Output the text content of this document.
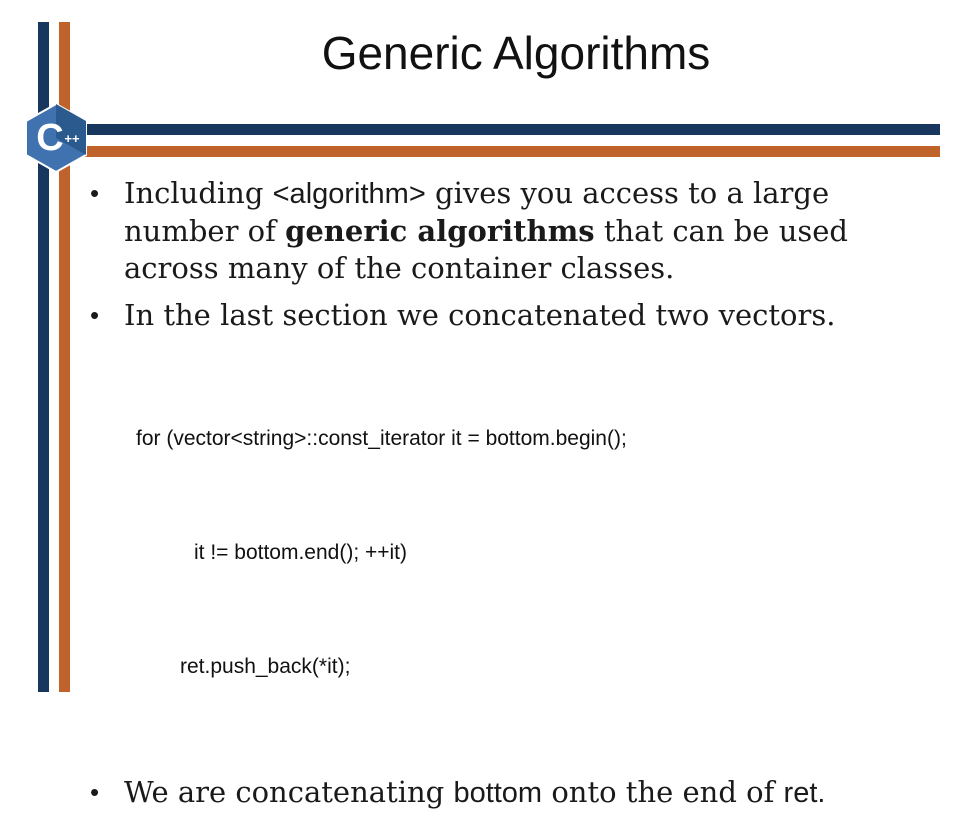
C ++
Generic Algorithms
• Including <algorithm> gives you access to a large number of generic algorithms that can be used across many of the container classes.
• In the last section we concatenated two vectors.

for (vector<string>::const_iterator it = bottom.begin();

it != bottom.end(); ++it)

ret.push_back(*it);

• We are concatenating bottom onto the end of ret.
